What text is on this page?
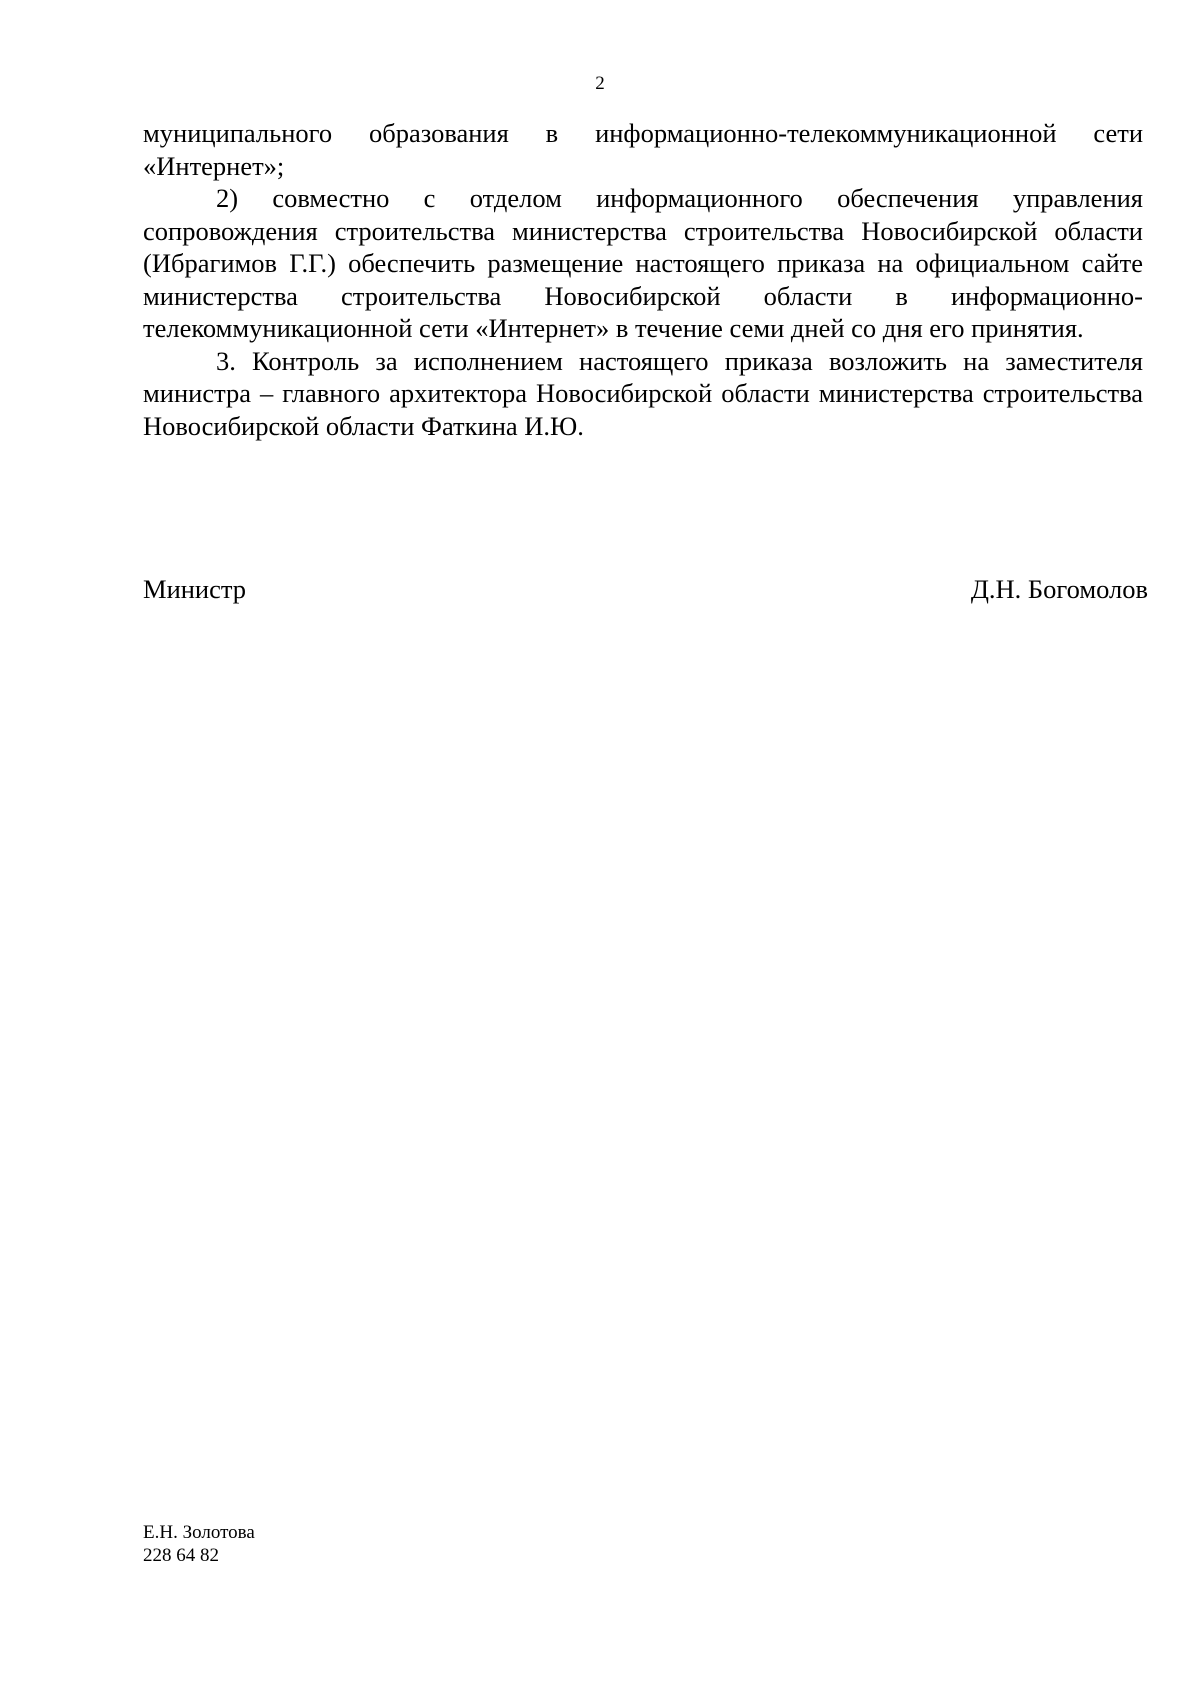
2

муниципального образования в информационно-телекоммуникационной сети «Интернет»;

2) совместно с отделом информационного обеспечения управления сопровождения строительства министерства строительства Новосибирской области (Ибрагимов Г.Г.) обеспечить размещение настоящего приказа на официальном сайте министерства строительства Новосибирской области в информационно-телекоммуникационной сети «Интернет» в течение семи дней со дня его принятия.

3. Контроль за исполнением настоящего приказа возложить на заместителя министра – главного архитектора Новосибирской области министерства строительства Новосибирской области Фаткина И.Ю.

Министр	Д.Н. Богомолов
Е.Н. Золотова
228 64 82
